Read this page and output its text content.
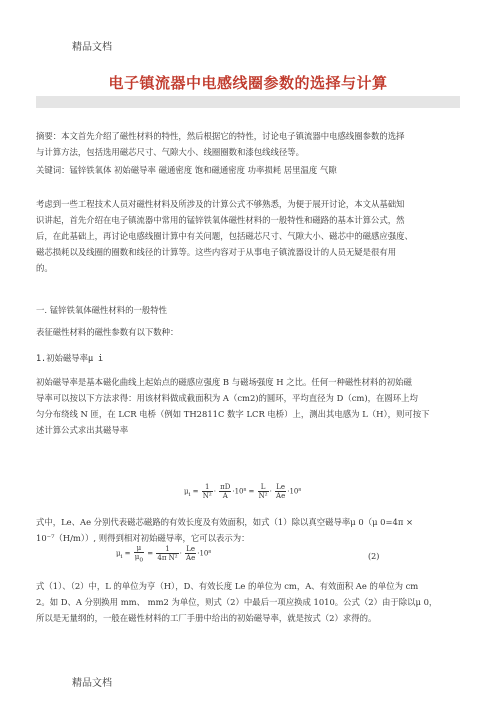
精品文档
电子镇流器中电感线圈参数的选择与计算
摘要：本文首先介绍了磁性材料的特性，然后根据它的特性，讨论电子镇流器中电感线圈参数的选择
与计算方法，包括选用磁芯尺寸、气隙大小、线圈圈数和漆包线线径等。
关键词：锰锌铁氧体 初始磁导率 磁通密度 饱和磁通密度 功率损耗 居里温度 气隙
考虑到一些工程技术人员对磁性材料及所涉及的计算公式不够熟悉，为便于展开讨论，本文从基础知
识讲起，首先介绍在电子镇流器中常用的锰锌铁氧体磁性材料的一般特性和磁路的基本计算公式，然
后，在此基础上，再讨论电感线圈计算中有关问题，包括磁芯尺寸、气隙大小、磁芯中的磁感应强度、
磁芯损耗以及线圈的圈数和线径的计算等。这些内容对于从事电子镇流器设计的人员无疑是很有用
的。
一. 锰锌铁氧体磁性材料的一般特性
表征磁性材料的磁性参数有以下数种：
1.初始磁导率μ i
初始磁导率是基本磁化曲线上起始点的磁感应强度 B 与磁场强度 H 之比。任何一种磁性材料的初始磁
导率可以按以下方法求得：用该材料做成截面积为 A（cm2)的圆环，平均直径为 D（cm)，在圆环上均
匀分布绕线 N 匝，在 LCR 电桥（例如 TH2811C 数字 LCR 电桥）上，测出其电感为 L（H），则可按下
述计算公式求出其磁导率
$\mu_i = \frac{1}{\text{N²}} \cdot \frac{\pi D}{A} \cdot 10^8 = \frac{L}{\text{N²}} \cdot \frac{Le}{Ae} \cdot 10^8$
式中，Le、Ae 分别代表磁芯磁路的有效长度及有效面积，如式（1）除以真空磁导率μ 0（μ 0=4π ×
10⁻⁷（H/m））, 则得到相对初始磁导率，它可以表示为：
$\mu_i = \frac{\mu}{\mu_0} = \frac{1}{\text{4π N²}} \cdot \frac{Le}{Ae} \cdot 10^8$	(2)
式（1）、（2）中，L 的单位为亨（H），D、有效长度 Le 的单位为 cm，A、有效面积 Ae 的单位为 cm
2。如 D、A 分别换用 mm、 mm2 为单位，则式（2）中最后一项应换成 1010。公式（2）由于除以μ 0，
所以是无量纲的，一般在磁性材料的工厂手册中给出的初始磁导率，就是按式（2）求得的。
精品文档
